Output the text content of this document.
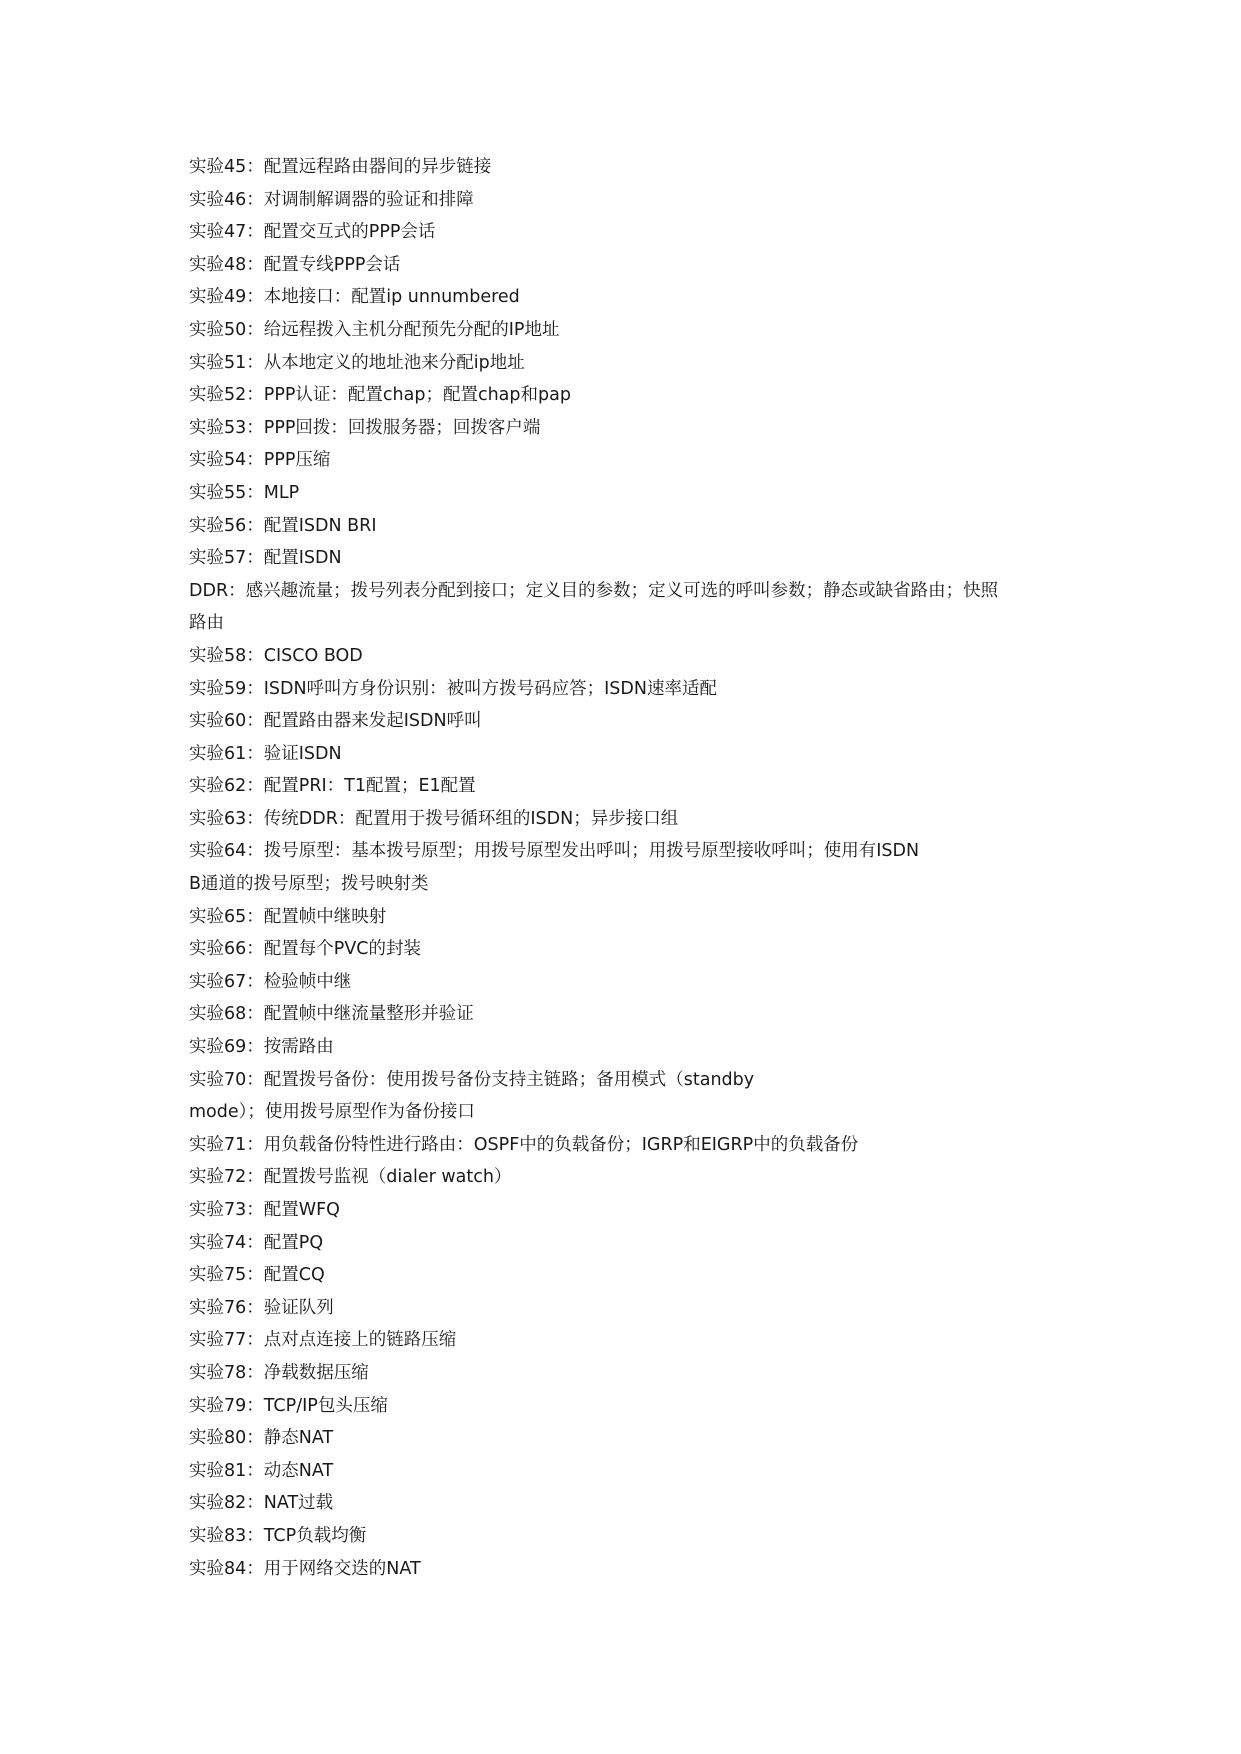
实验45：配置远程路由器间的异步链接
实验46：对调制解调器的验证和排障
实验47：配置交互式的PPP会话
实验48：配置专线PPP会话
实验49：本地接口：配置ip unnumbered
实验50：给远程拨入主机分配预先分配的IP地址
实验51：从本地定义的地址池来分配ip地址
实验52：PPP认证：配置chap；配置chap和pap
实验53：PPP回拨：回拨服务器；回拨客户端
实验54：PPP压缩
实验55：MLP
实验56：配置ISDN BRI
实验57：配置ISDN
DDR：感兴趣流量；拨号列表分配到接口；定义目的参数；定义可选的呼叫参数；静态或缺省路由；快照
路由
实验58：CISCO BOD
实验59：ISDN呼叫方身份识别：被叫方拨号码应答；ISDN速率适配
实验60：配置路由器来发起ISDN呼叫
实验61：验证ISDN
实验62：配置PRI：T1配置；E1配置
实验63：传统DDR：配置用于拨号循环组的ISDN；异步接口组
实验64：拨号原型：基本拨号原型；用拨号原型发出呼叫；用拨号原型接收呼叫；使用有ISDN
B通道的拨号原型；拨号映射类
实验65：配置帧中继映射
实验66：配置每个PVC的封装
实验67：检验帧中继
实验68：配置帧中继流量整形并验证
实验69：按需路由
实验70：配置拨号备份：使用拨号备份支持主链路；备用模式（standby
mode）；使用拨号原型作为备份接口
实验71：用负载备份特性进行路由：OSPF中的负载备份；IGRP和EIGRP中的负载备份
实验72：配置拨号监视（dialer watch）
实验73：配置WFQ
实验74：配置PQ
实验75：配置CQ
实验76：验证队列
实验77：点对点连接上的链路压缩
实验78：净载数据压缩
实验79：TCP/IP包头压缩
实验80：静态NAT
实验81：动态NAT
实验82：NAT过载
实验83：TCP负载均衡
实验84：用于网络交迭的NAT
